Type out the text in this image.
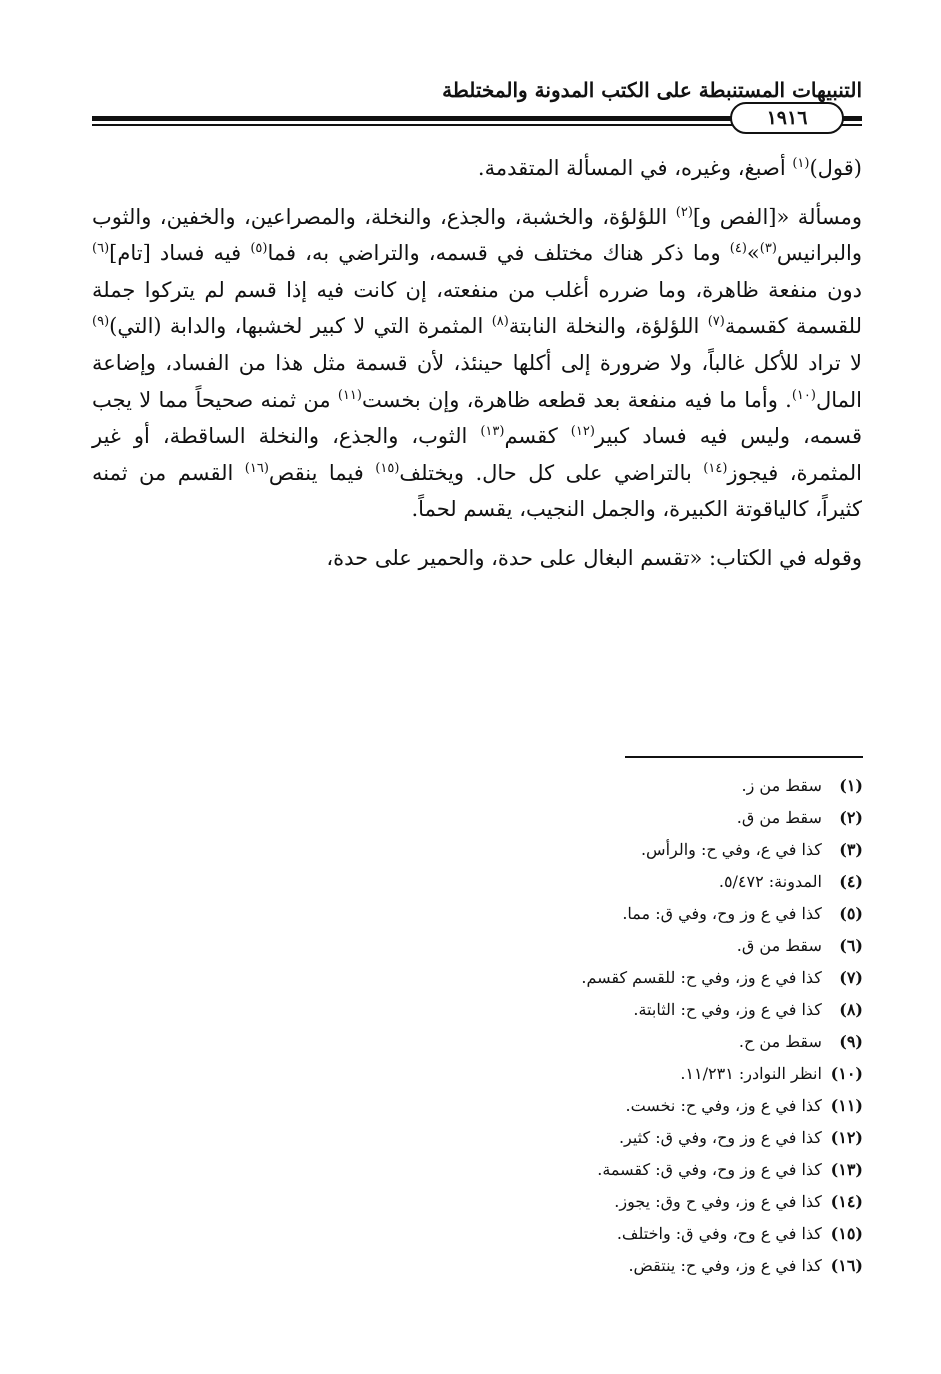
التنبيهات المستنبطة على الكتب المدونة والمختلطة
١٩١٦

(قول)$^{(١)}$ أصبغ، وغيره، في المسألة المتقدمة.

ومسألة «[الفص و]$^{(٢)}$ اللؤلؤة، والخشبة، والجذع، والنخلة، والمصراعين، والخفين، والثوب والبرانيس$^{(٣)}$»$^{(٤)}$ وما ذكر هناك مختلف في قسمه، والتراضي به، فما$^{(٥)}$ فيه فساد [تام]$^{(٦)}$ دون منفعة ظاهرة، وما ضرره أغلب من منفعته، إن كانت فيه إذا قسم لم يتركوا جملة للقسمة كقسمة$^{(٧)}$ اللؤلؤة، والنخلة النابتة$^{(٨)}$ المثمرة التي لا كبير لخشبها، والدابة (التي)$^{(٩)}$ لا تراد للأكل غالباً، ولا ضرورة إلى أكلها حينئذ، لأن قسمة مثل هذا من الفساد، وإضاعة المال$^{(١٠)}$. وأما ما فيه منفعة بعد قطعه ظاهرة، وإن بخست$^{(١١)}$ من ثمنه صحيحاً مما لا يجب قسمه، وليس فيه فساد كبير$^{(١٢)}$ كقسم$^{(١٣)}$ الثوب، والجذع، والنخلة الساقطة، أو غير المثمرة، فيجوز$^{(١٤)}$ بالتراضي على كل حال. ويختلف$^{(١٥)}$ فيما ينقص$^{(١٦)}$ القسم من ثمنه كثيراً، كالياقوتة الكبيرة، والجمل النجيب، يقسم لحماً.

وقوله في الكتاب: «تقسم البغال على حدة، والحمير على حدة،

(١) سقط من ز.
(٢) سقط من ق.
(٣) كذا في ع، وفي ح: والرأس.
(٤) المدونة: ٥/٤٧٢.
(٥) كذا في ع وز وح، وفي ق: مما.
(٦) سقط من ق.
(٧) كذا في ع وز، وفي ح: للقسم كقسم.
(٨) كذا في ع وز، وفي ح: الثابتة.
(٩) سقط من ح.
(١٠) انظر النوادر: ١١/٢٣١.
(١١) كذا في ع وز، وفي ح: نخست.
(١٢) كذا في ع وز وح، وفي ق: كثير.
(١٣) كذا في ع وز وح، وفي ق: كقسمة.
(١٤) كذا في ع وز، وفي ح وق: يجوز.
(١٥) كذا في ع وح، وفي ق: واختلف.
(١٦) كذا في ع وز، وفي ح: ينتقض.
